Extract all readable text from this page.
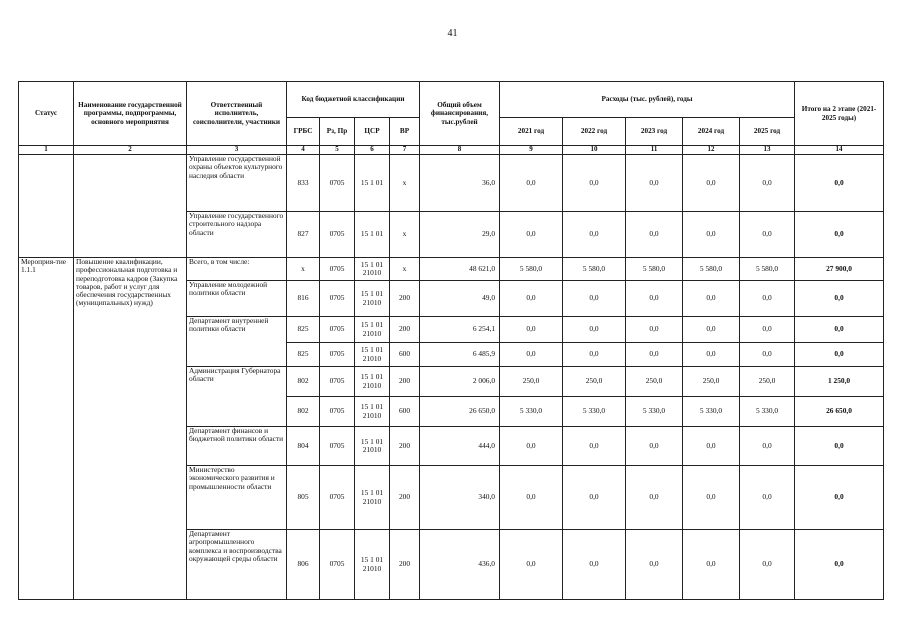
41
Статус	Наименование государственной программы, подпрограммы, основного мероприятия	Ответственный исполнитель, соисполнители, участники	Код бюджетной классификации				Общий объем финансирования, тыс.рублей	Расходы (тыс. рублей), годы					Итого на 2 этапе (2021-2025 годы)
			ГРБС	Рз, Пр	ЦСР	ВР		2021 год	2022 год	2023 год	2024 год	2025 год	
1	2	3	4	5	6	7	8	9	10	11	12	13	14
		Управление государственной охраны объектов культурного наследия области	833	0705	15 1 01	х	36,0	0,0	0,0	0,0	0,0	0,0	0,0
		Управление государственного строительного надзора области	827	0705	15 1 01	х	29,0	0,0	0,0	0,0	0,0	0,0	0,0
Мероприя-тие 1.1.1	Повышение квалификации, профессиональная подготовка и переподготовка кадров (Закупка товаров, работ и услуг для обеспечения государственных (муниципальных) нужд)	Всего, в том числе:	х	0705	15 1 01 21010	х	48 621,0	5 580,0	5 580,0	5 580,0	5 580,0	5 580,0	27 900,0
		Управление молодежной политики области	816	0705	15 1 01 21010	200	49,0	0,0	0,0	0,0	0,0	0,0	0,0
		Департамент внутренней политики области	825	0705	15 1 01 21010	200	6 254,1	0,0	0,0	0,0	0,0	0,0	0,0
			825	0705	15 1 01 21010	600	6 485,9	0,0	0,0	0,0	0,0	0,0	0,0
		Администрация Губернатора области	802	0705	15 1 01 21010	200	2 006,0	250,0	250,0	250,0	250,0	250,0	1 250,0
			802	0705	15 1 01 21010	600	26 650,0	5 330,0	5 330,0	5 330,0	5 330,0	5 330,0	26 650,0
		Департамент финансов и бюджетной политики области	804	0705	15 1 01 21010	200	444,0	0,0	0,0	0,0	0,0	0,0	0,0
		Министерство экономического развития и промышленности области	805	0705	15 1 01 21010	200	340,0	0,0	0,0	0,0	0,0	0,0	0,0
		Департамент агропромышленного комплекса и воспроизводства окружающей среды области	806	0705	15 1 01 21010	200	436,0	0,0	0,0	0,0	0,0	0,0	0,0
